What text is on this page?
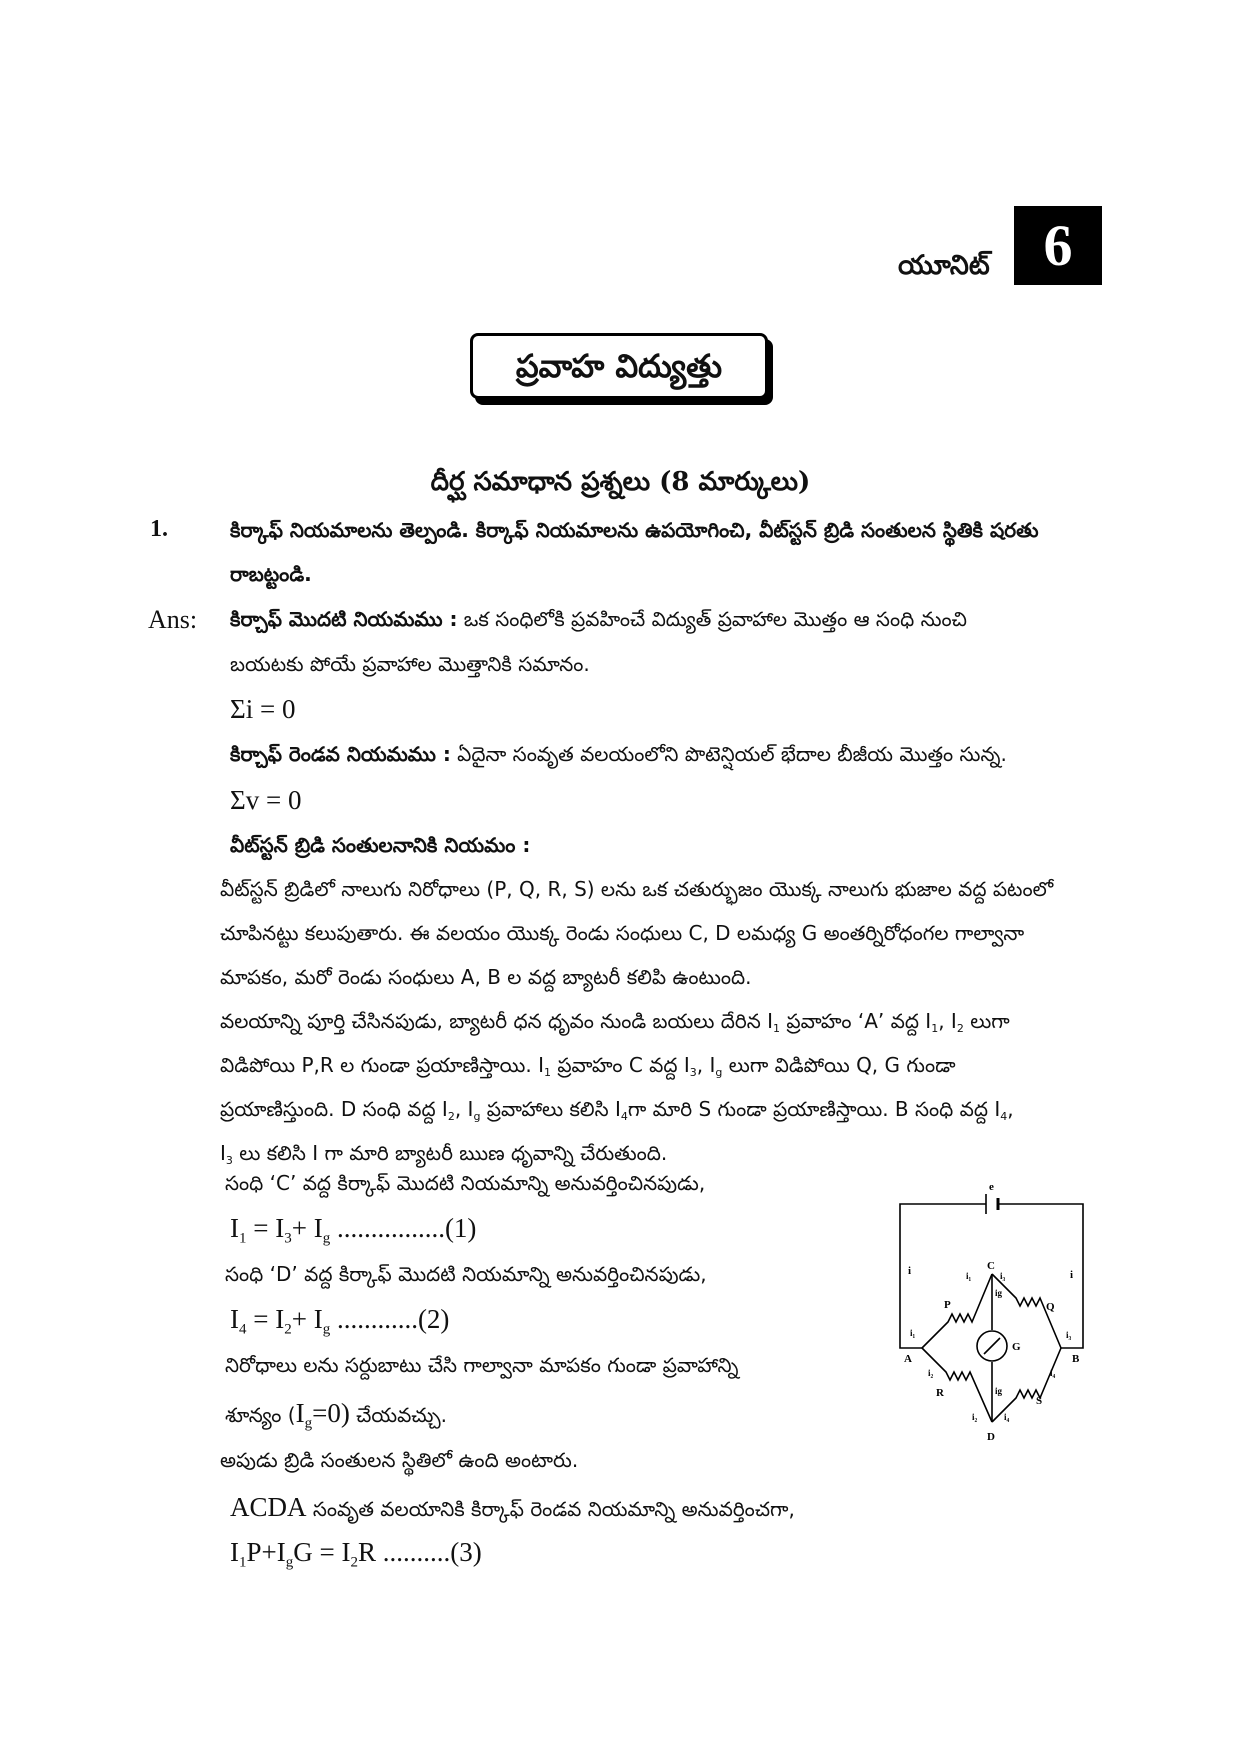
యూనిట్ 6
ప్రవాహ విద్యుత్తు
దీర్ఘ సమాధాన ప్రశ్నలు (8 మార్కులు)
1.	కిర్కాఫ్ నియమాలను తెల్పండి. కిర్కాఫ్ నియమాలను ఉపయోగించి, వీట్‌స్టన్ బ్రిడి సంతులన స్థితికి షరతు
రాబట్టండి.
Ans: కిర్చాఫ్ మొదటి నియమము : ఒక సంధిలోకి ప్రవహించే విద్యుత్ ప్రవాహాల మొత్తం ఆ సంధి నుంచి
బయటకు పోయే ప్రవాహాల మొత్తానికి సమానం.
Σi = 0
కిర్చాఫ్ రెండవ నియమము : ఏదైనా సంవృత వలయంలోని పొటెన్షియల్ భేదాల బీజీయ మొత్తం సున్న.
Σv = 0
వీట్‌స్టన్ బ్రిడి సంతులనానికి నియమం :
వీట్‌స్టన్ బ్రిడిలో నాలుగు నిరోధాలు (P, Q, R, S) లను ఒక చతుర్భుజం యొక్క నాలుగు భుజాల వద్ద పటంలో
చూపినట్టు కలుపుతారు. ఈ వలయం యొక్క రెండు సంధులు C, D లమధ్య G అంతర్నిరోధంగల గాల్వానా
మాపకం, మరో రెండు సంధులు A, B ల వద్ద బ్యాటరీ కలిపి ఉంటుంది.
వలయాన్ని పూర్తి చేసినపుడు, బ్యాటరీ ధన ధృవం నుండి బయలు దేరిన $I_1$ ప్రవాహం ‘A’ వద్ద $I_1$, $I_2$ లుగా
విడిపోయి P,R ల గుండా ప్రయాణిస్తాయి. $I_1$ ప్రవాహం C వద్ద $I_3$, $I_g$ లుగా విడిపోయి Q, G గుండా
ప్రయాణిస్తుంది. D సంధి వద్ద $I_2$, $I_g$ ప్రవాహాలు కలిసి $I_4గా$ మారి S గుండా ప్రయాణిస్తాయి. B సంధి వద్ద $I_4$,
$I_3$ లు కలిసి I గా మారి బ్యాటరీ ఋణ ధృవాన్ని చేరుతుంది.
సంధి ‘C’ వద్ద కిర్కాఫ్ మొదటి నియమాన్ని అనువర్తించినపుడు,
$I_1 = I_3+ I_g$ ................(1)
సంధి ‘D’ వద్ద కిర్కాఫ్ మొదటి నియమాన్ని అనువర్తించినపుడు,
$I_4 = I_2+ I_g$ ............(2)
నిరోధాలు లను సర్దుబాటు చేసి గాల్వానా మాపకం గుండా ప్రవాహాన్ని
శూన్యం $(I_g=0)$ చేయవచ్చు.
అపుడు బ్రిడి సంతులన స్థితిలో ఉంది అంటారు.
ACDA సంవృత వలయానికి కిర్కాఫ్ రెండవ నియమాన్ని అనువర్తించగా,
$I_1P+I_gG = I_2R$ ..........(3)
e
i	i
C
D
A	B
G
P	Q
R
S
i₁	i₃
ig
i₁
i₂
i₃
i₄
ig
i₂	i₄
